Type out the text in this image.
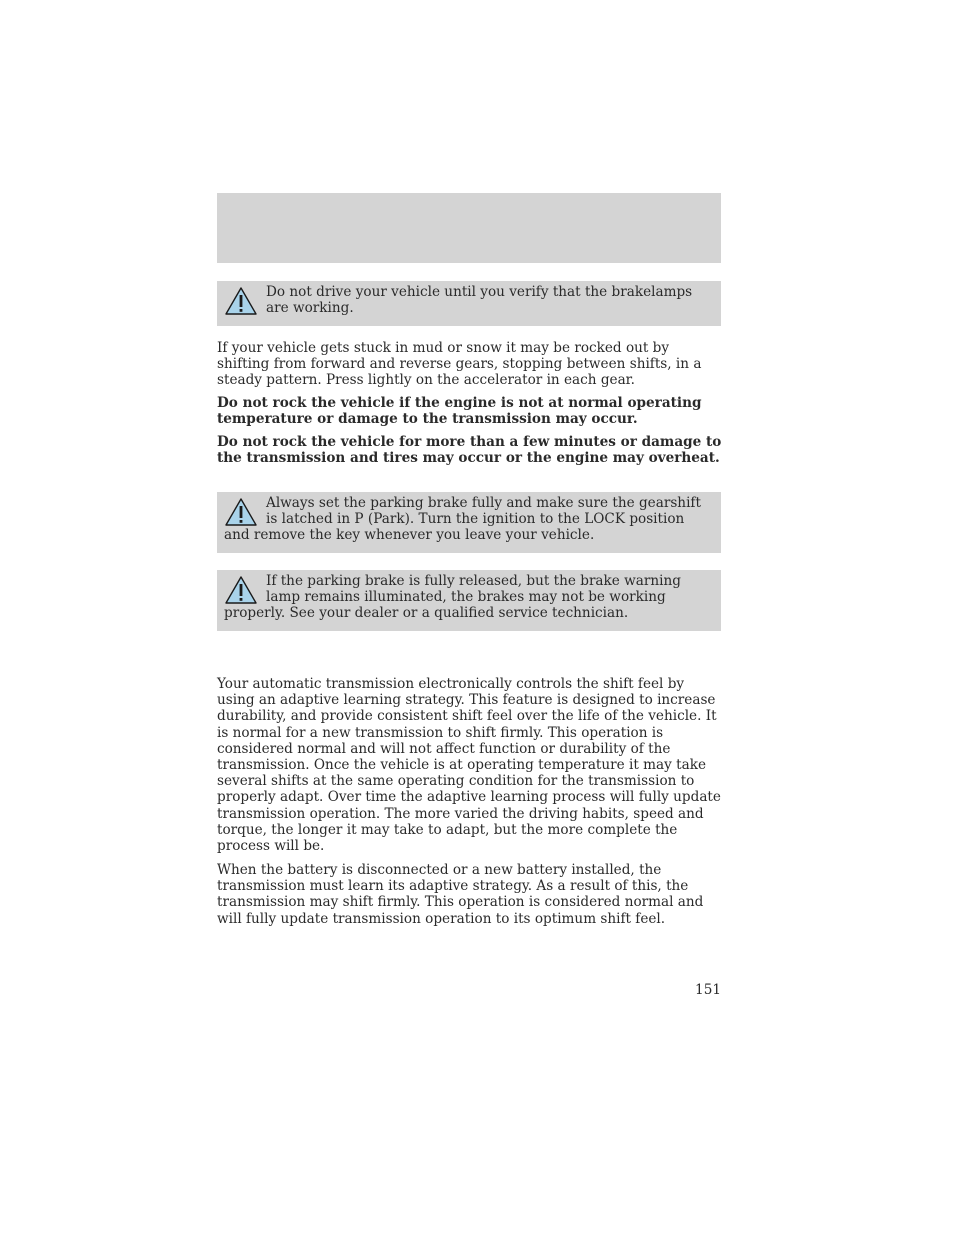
Do not drive your vehicle until you verify that the brakelamps are working.

If your vehicle gets stuck in mud or snow it may be rocked out by shifting from forward and reverse gears, stopping between shifts, in a steady pattern. Press lightly on the accelerator in each gear.

Do not rock the vehicle if the engine is not at normal operating temperature or damage to the transmission may occur.

Do not rock the vehicle for more than a few minutes or damage to the transmission and tires may occur or the engine may overheat.

Always set the parking brake fully and make sure the gearshift is latched in P (Park). Turn the ignition to the LOCK position and remove the key whenever you leave your vehicle.
If the parking brake is fully released, but the brake warning lamp remains illuminated, the brakes may not be working properly. See your dealer or a qualified service technician.

Your automatic transmission electronically controls the shift feel by using an adaptive learning strategy. This feature is designed to increase durability, and provide consistent shift feel over the life of the vehicle. It is normal for a new transmission to shift firmly. This operation is considered normal and will not affect function or durability of the transmission. Once the vehicle is at operating temperature it may take several shifts at the same operating condition for the transmission to properly adapt. Over time the adaptive learning process will fully update transmission operation. The more varied the driving habits, speed and torque, the longer it may take to adapt, but the more complete the process will be.

When the battery is disconnected or a new battery installed, the transmission must learn its adaptive strategy. As a result of this, the transmission may shift firmly. This operation is considered normal and will fully update transmission operation to its optimum shift feel.

151
